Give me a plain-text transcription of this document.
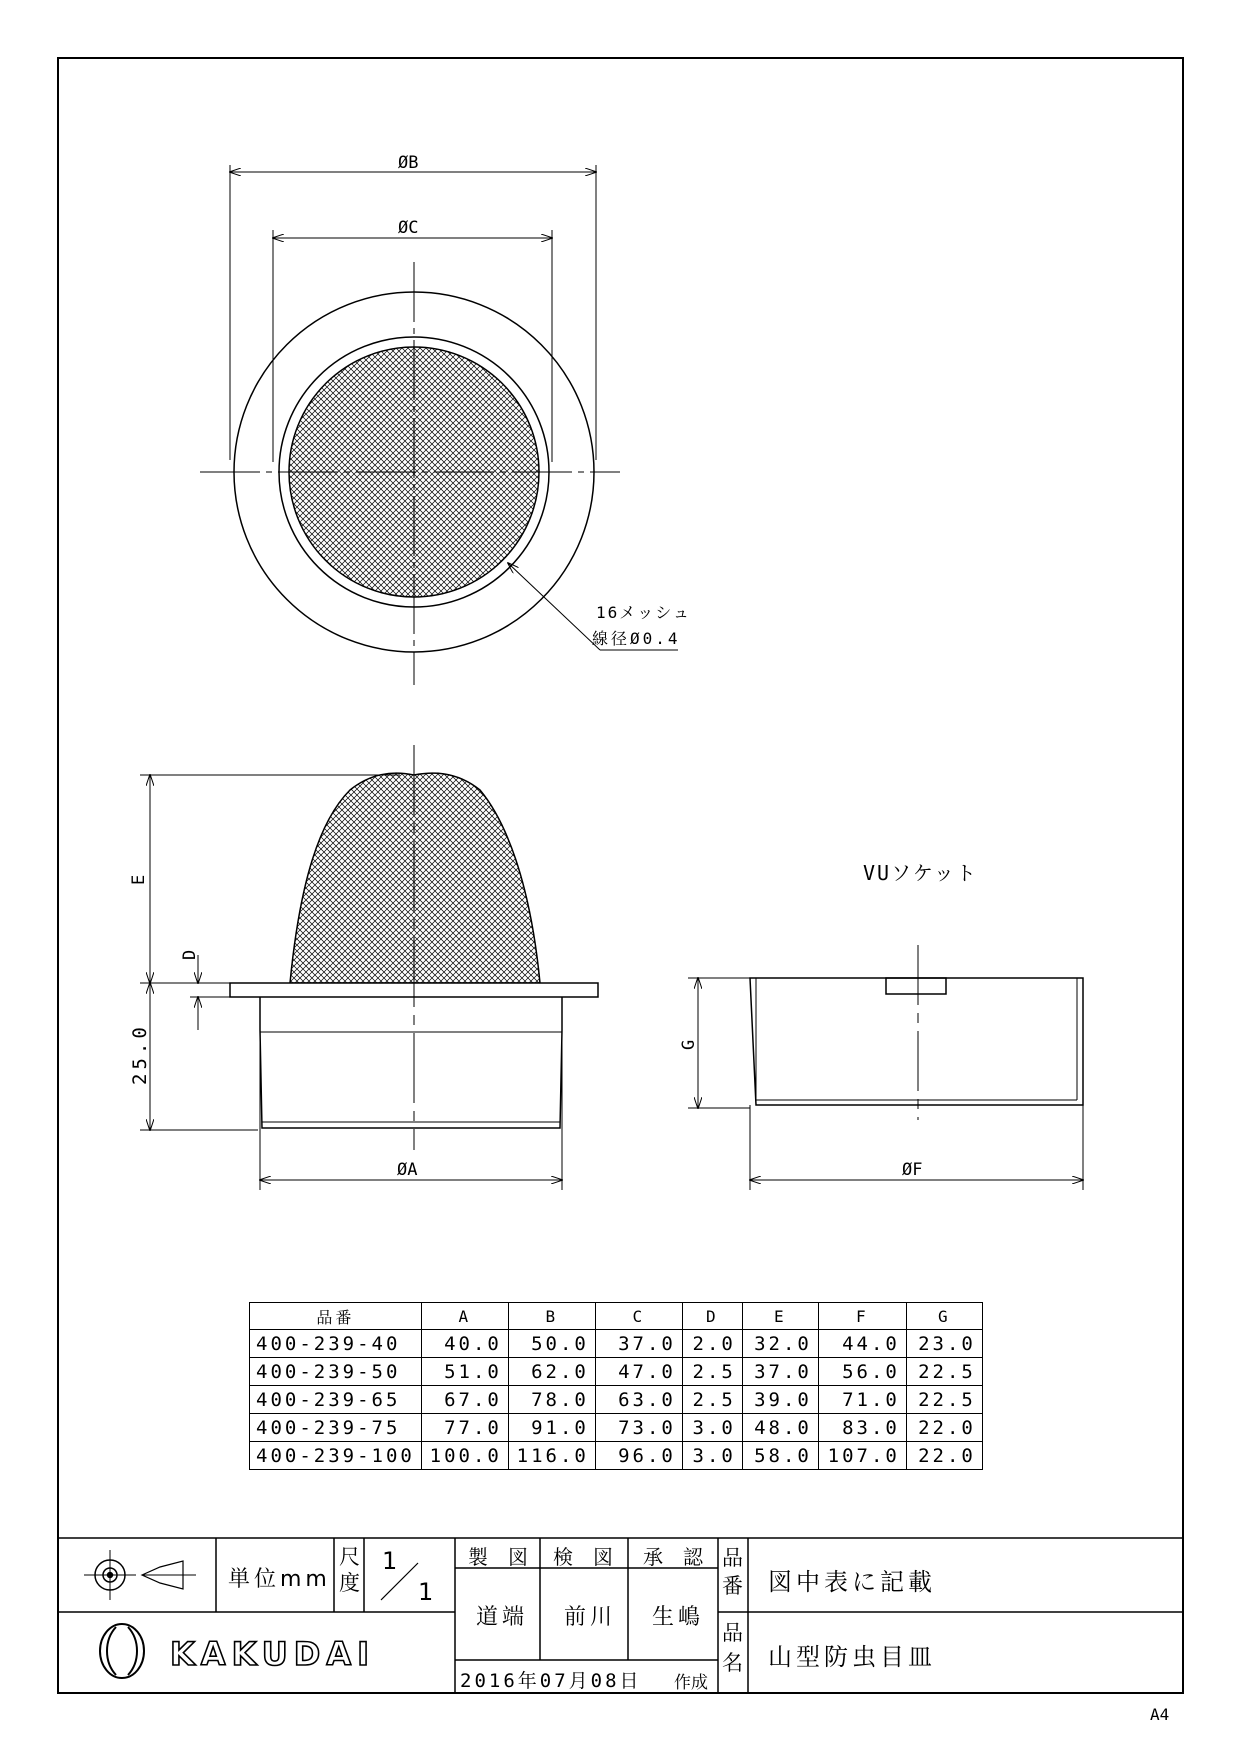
ØB
ØC
16メッシュ
線径Ø0.4
E
D
25.0
ØA
VUソケット
G
ØF
KAKUDAI
A4
品番	A	B	C	D	E	F	G
400-239-40	40.0	50.0	37.0	2.0	32.0	44.0	23.0
400-239-50	51.0	62.0	47.0	2.5	37.0	56.0	22.5
400-239-65	67.0	78.0	63.0	2.5	39.0	71.0	22.5
400-239-75	77.0	91.0	73.0	3.0	48.0	83.0	22.0
400-239-100	100.0	116.0	96.0	3.0	58.0	107.0	22.0
単位mm
尺度
1
1
製図 検図 承認
道端 前川 生嶋
品番 図中表に記載
品名 山型防虫目皿
2016年07月08日 作成
